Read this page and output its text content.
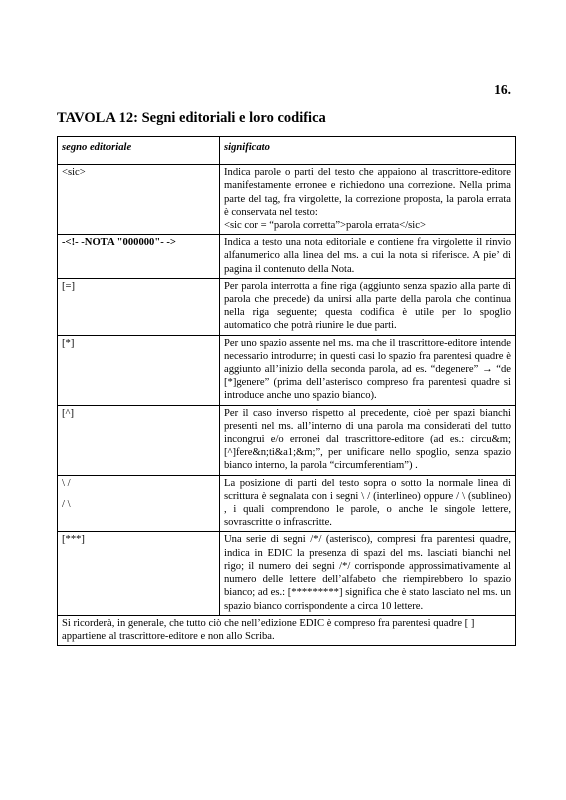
16.
TAVOLA 12: Segni editoriali e loro codifica
segno editoriale	significato
<sic>	Indica parole o parti del testo che appaiono al trascrittore-editore manifestamente erronee e richiedono una correzione. Nella prima parte del tag, fra virgolette, la correzione proposta, la parola errata è conservata nel testo:
<sic cor = “parola corretta”>parola errata</sic>

-<!- -NOTA "000000"- ->	Indica a testo una nota editoriale e contiene fra virgolette il rinvio alfanumerico alla linea del ms. a cui la nota si riferisce. A pie’ di pagina il contenuto della Nota.
[=]	Per parola interrotta a fine riga (aggiunto senza spazio alla parte di parola che precede) da unirsi alla parte della parola che continua nella riga seguente; questa codifica è utile per lo spoglio automatico che potrà riunire le due parti.
[*]	Per uno spazio assente nel ms. ma che il trascrittore-editore intende necessario introdurre; in questi casi lo spazio fra parentesi quadre è aggiunto all’inizio della seconda parola, ad es. “degenere” → “de [*]genere” (prima dell’asterisco compreso fra parentesi quadre si introduce anche uno spazio bianco).
[^]	Per il caso inverso rispetto al precedente, cioè per spazi bianchi presenti nel ms. all’interno di una parola ma considerati del tutto incongrui e/o erronei dal trascrittore-editore (ad es.: circu&m;[^]fere&n;ti&a1;&m;”, per unificare nello spoglio, senza spazio bianco interno, la parola “circumferentiam”) .

\ /
/ \	La posizione di parti del testo sopra o sotto la normale linea di scrittura è segnalata con i segni \ / (interlineo) oppure / \ (sublineo) , i quali comprendono le parole, o anche le singole lettere, sovrascritte o infrascritte.
[***]	Una serie di segni /*/ (asterisco), compresi fra parentesi quadre, indica in EDIC la presenza di spazi del ms. lasciati bianchi nel rigo; il numero dei segni /*/ corrisponde approssimativamente al numero delle lettere dell’alfabeto che riempirebbero lo spazio bianco; ad es.: [*********] significa che è stato lasciato nel ms. un spazio bianco corrispondente a circa 10 lettere.
Si ricorderà, in generale, che tutto ciò che nell’edizione EDIC è compreso fra parentesi quadre [ ] appartiene al trascrittore-editore e non allo Scriba.	
